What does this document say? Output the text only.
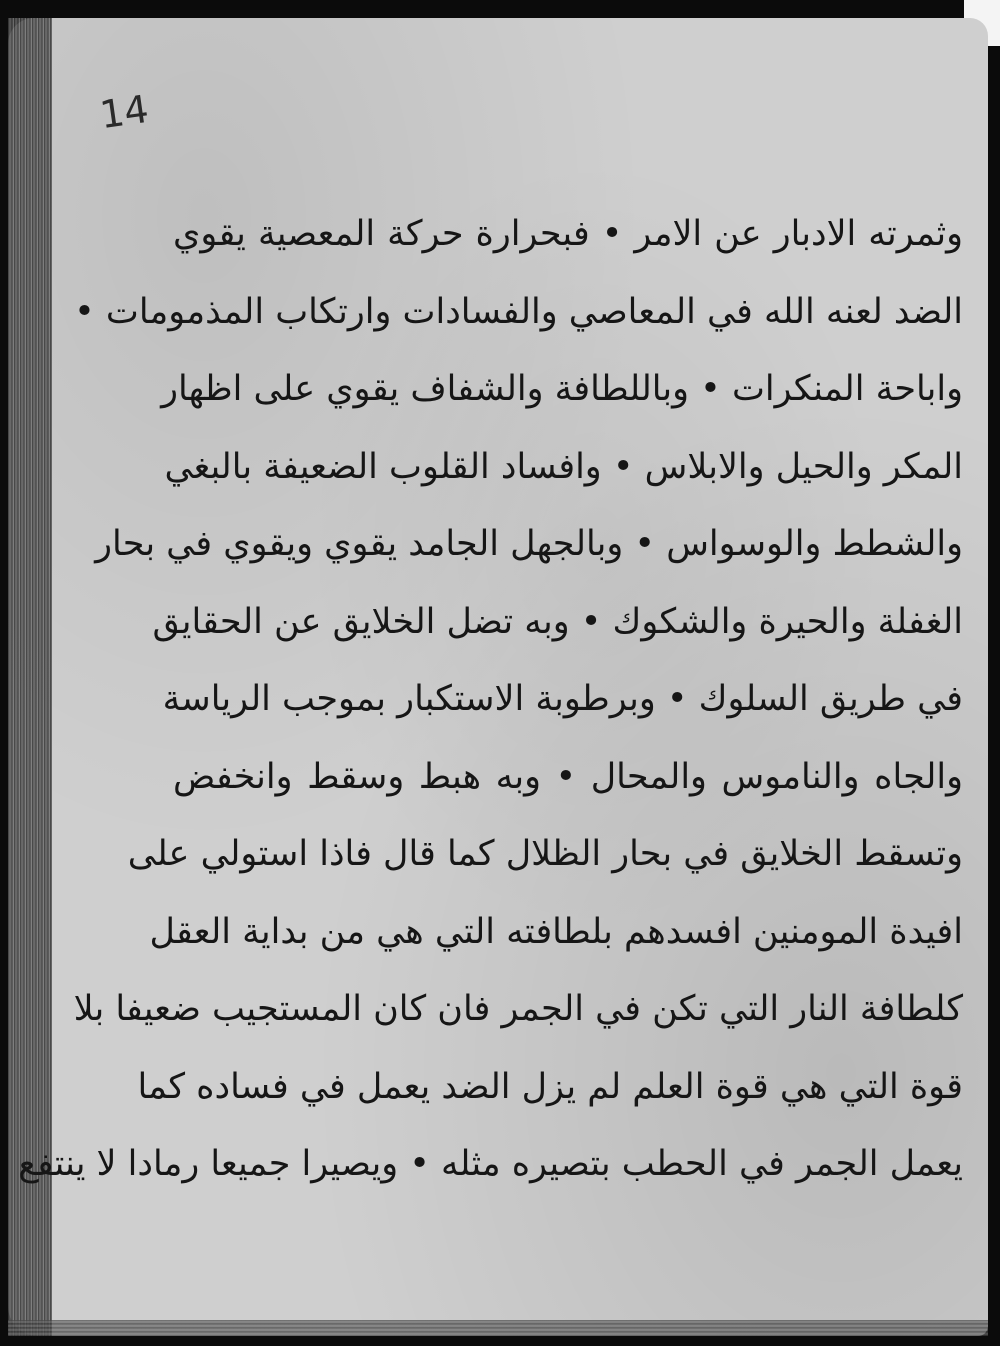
14
وثمرته الادبار عن الامر • فبحرارة حركة المعصية يقوي
الضد لعنه الله في المعاصي والفسادات وارتكاب المذمومات •
واباحة المنكرات • وباللطافة والشفاف يقوي على اظهار
المكر والحيل والابلاس • وافساد القلوب الضعيفة بالبغي
والشطط والوسواس • وبالجهل الجامد يقوي ويقوي في بحار
الغفلة والحيرة والشكوك • وبه تضل الخلايق عن الحقايق
في طريق السلوك • وبرطوبة الاستكبار بموجب الرياسة
والجاه والناموس والمحال • وبه هبط وسقط وانخفض
وتسقط الخلايق في بحار الظلال كما قال فاذا استولي على
افيدة المومنين افسدهم بلطافته التي هي من بداية العقل
كلطافة النار التي تكن في الجمر فان كان المستجيب ضعيفا بلا
قوة التي هي قوة العلم لم يزل الضد يعمل في فساده كما
يعمل الجمر في الحطب بتصيره مثله • ويصيرا جميعا رمادا لا ينتفع
